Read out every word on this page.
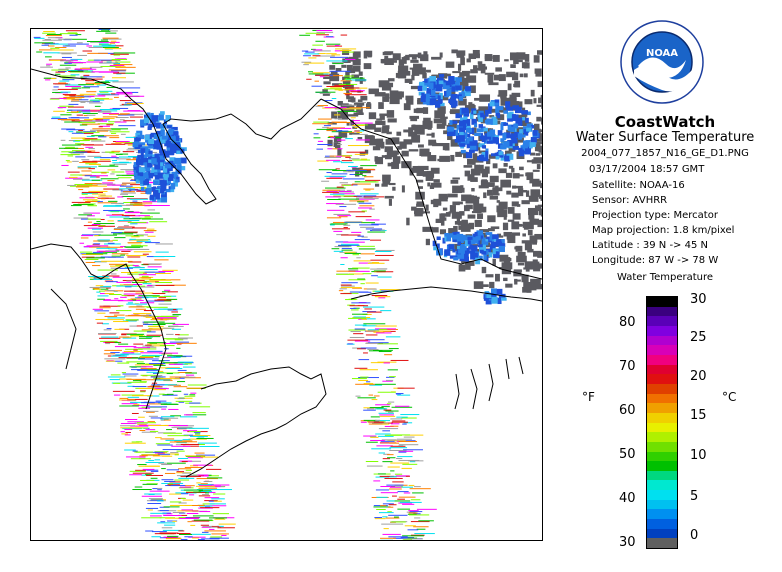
NOAA
CoastWatch
Water Surface Temperature
2004_077_1857_N16_GE_D1.PNG
03/17/2004 18:57 GMT
Satellite: NOAA-16
Sensor: AVHRR
Projection type: Mercator
Map projection: 1.8 km/pixel
Latitude : 39 N -> 45 N
Longitude: 87 W -> 78 W
Water Temperature
80
70
60
50
40
30
30
25
20
15
10
5
0
°F	°C
